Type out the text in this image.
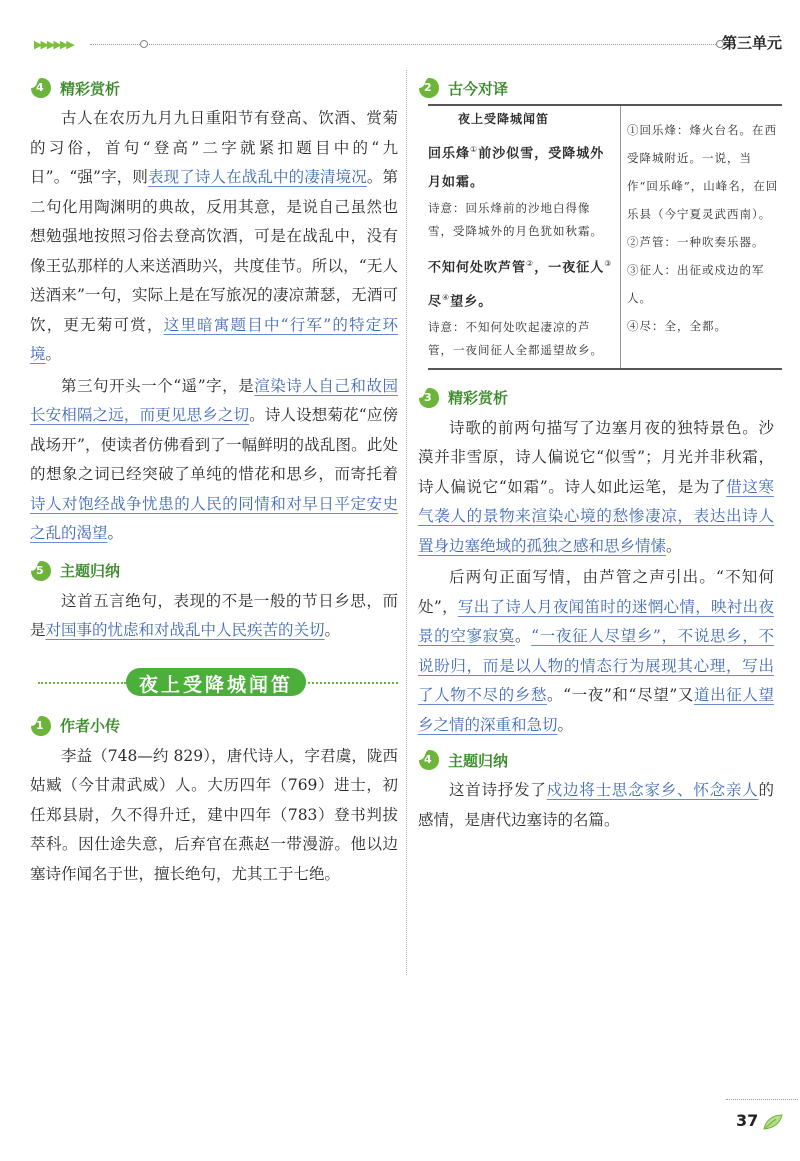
▶▶▶▶▶▶	第三单元
4 精彩赏析

古人在农历九月九日重阳节有登高、饮酒、赏菊的习俗，首句“登高”二字就紧扣题目中的“九日”。“强”字，则表现了诗人在战乱中的凄清境况。第二句化用陶渊明的典故，反用其意，是说自己虽然也想勉强地按照习俗去登高饮酒，可是在战乱中，没有像王弘那样的人来送酒助兴，共度佳节。所以，“无人送酒来”一句，实际上是在写旅况的凄凉萧瑟，无酒可饮，更无菊可赏，这里暗寓题目中“行军”的特定环境。

第三句开头一个“遥”字，是渲染诗人自己和故园长安相隔之远，而更见思乡之切。诗人设想菊花“应傍战场开”，使读者仿佛看到了一幅鲜明的战乱图。此处的想象之词已经突破了单纯的惜花和思乡，而寄托着诗人对饱经战争忧患的人民的同情和对早日平定安史之乱的渴望。

5 主题归纳

这首五言绝句，表现的不是一般的节日乡思，而是对国事的忧虑和对战乱中人民疾苦的关切。

夜上受降城闻笛
1 作者小传

李益（748—约 829），唐代诗人，字君虞，陇西姑臧（今甘肃武威）人。大历四年（769）进士，初任郑县尉，久不得升迁，建中四年（783）登书判拔萃科。因仕途失意，后弃官在燕赵一带漫游。他以边塞诗作闻名于世，擅长绝句，尤其工于七绝。

2 古今对译
夜上受降城闻笛
回乐烽①前沙似雪，受降城外月如霜。
诗意：回乐烽前的沙地白得像雪，受降城外的月色犹如秋霜。
不知何处吹芦管②，一夜征人③尽④望乡。
诗意：不知何处吹起凄凉的芦管，一夜间征人全都遥望故乡。

①回乐烽：烽火台名。在西受降城附近。一说，当作“回乐峰”，山峰名，在回乐县（今宁夏灵武西南）。
②芦管：一种吹奏乐器。
③征人：出征或戍边的军人。
④尽：全，全都。
3 精彩赏析

诗歌的前两句描写了边塞月夜的独特景色。沙漠并非雪原，诗人偏说它“似雪”；月光并非秋霜，诗人偏说它“如霜”。诗人如此运笔，是为了借这寒气袭人的景物来渲染心境的愁惨凄凉，表达出诗人置身边塞绝域的孤独之感和思乡情愫。

后两句正面写情，由芦管之声引出。“不知何处”，写出了诗人月夜闻笛时的迷惘心情，映衬出夜景的空寥寂寞。“一夜征人尽望乡”，不说思乡，不说盼归，而是以人物的情态行为展现其心理，写出了人物不尽的乡愁。“一夜”和“尽望”又道出征人望乡之情的深重和急切。

4 主题归纳

这首诗抒发了戍边将士思念家乡、怀念亲人的感情，是唐代边塞诗的名篇。

37
